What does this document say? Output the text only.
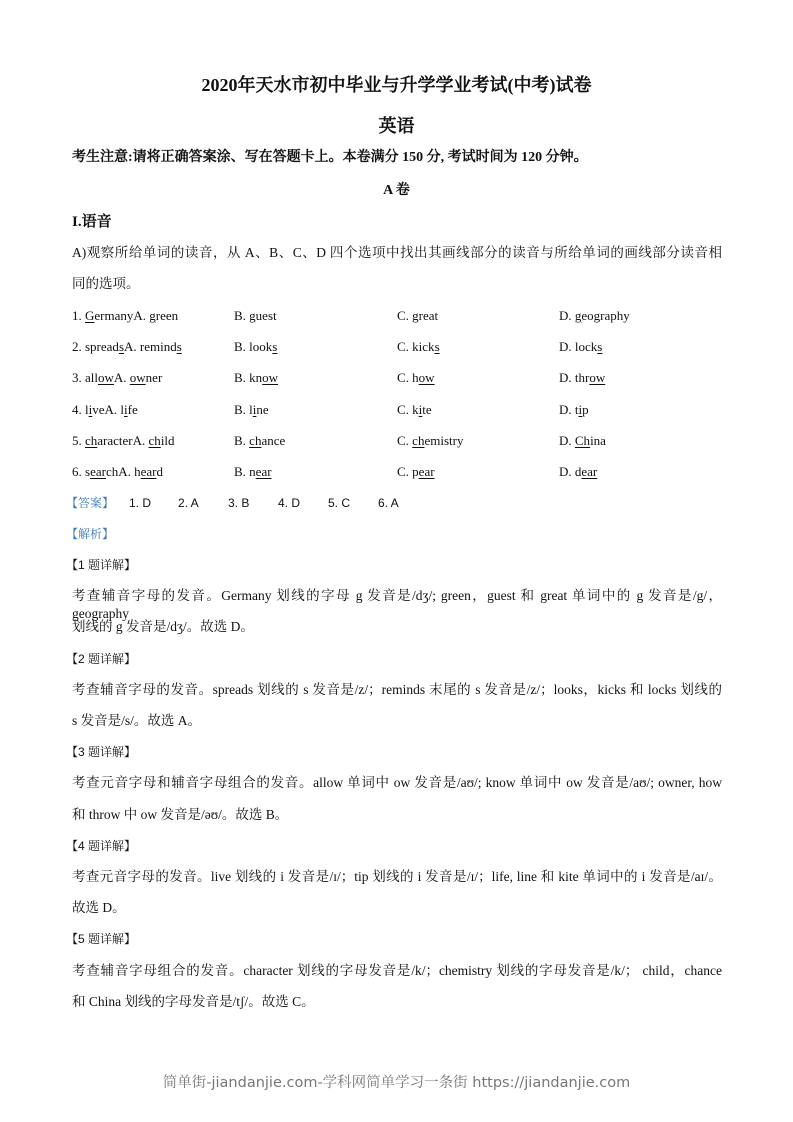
2020年天水市初中毕业与升学学业考试(中考)试卷
英语
考生注意:请将正确答案涂、写在答题卡上。本卷满分 150 分, 考试时间为 120 分钟。
A 卷
I.语音
A)观察所给单词的读音，从 A、B、C、D 四个选项中找出其画线部分的读音与所给单词的画线部分读音相
同的选项。
【答案】
【解析】
简单街-jiandanjie.com-学科网简单学习一条街 https://jiandanjie.com
1. GermanyA. green	B. guest	C. great	D. geography
2. spreadsA. reminds	B. looks	C. kicks	D. locks
3. allowA. owner	B. know	C. how	D. throw
4. liveA. life	B. line	C. kite	D. tip
5. characterA. child	B. chance	C. chemistry	D. China
6. searchA. heard	B. near	C. pear	D. dear
1. D 2. A 3. B 4. D 5. C 6. A
【1 题详解】
考查辅音字母的发音。Germany 划线的字母 g 发音是/dʒ/; green，guest 和 great 单词中的 g 发音是/g/，geography
划线的 g 发音是/dʒ/。故选 D。
【2 题详解】
考查辅音字母的发音。spreads 划线的 s 发音是/z/；reminds 末尾的 s 发音是/z/；looks，kicks 和 locks 划线的
s 发音是/s/。故选 A。
【3 题详解】
考查元音字母和辅音字母组合的发音。allow 单词中 ow 发音是/aʊ/; know 单词中 ow 发音是/aʊ/; owner, how
和 throw 中 ow 发音是/əʊ/。故选 B。
【4 题详解】
考查元音字母的发音。live 划线的 i 发音是/ɪ/；tip 划线的 i 发音是/ɪ/；life, line 和 kite 单词中的 i 发音是/aɪ/。
故选 D。
【5 题详解】
考查辅音字母组合的发音。character 划线的字母发音是/k/；chemistry 划线的字母发音是/k/； child，chance
和 China 划线的字母发音是/tʃ/。故选 C。
